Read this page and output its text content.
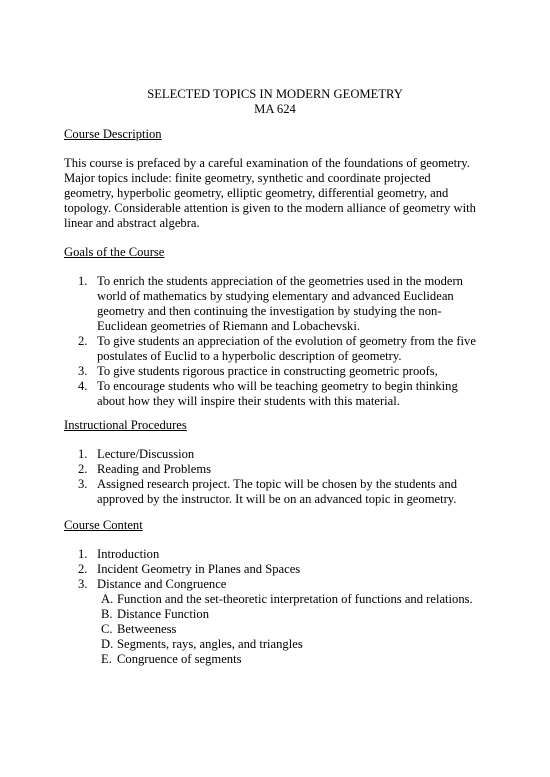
SELECTED TOPICS IN MODERN GEOMETRY
MA 624
Course Description
This course is prefaced by a careful examination of the foundations of geometry.
Major topics include: finite geometry, synthetic and coordinate projected
geometry, hyperbolic geometry, elliptic geometry, differential geometry, and
topology. Considerable attention is given to the modern alliance of geometry with
linear and abstract algebra.
Goals of the Course
1. To enrich the students appreciation of the geometries used in the modern
world of mathematics by studying elementary and advanced Euclidean
geometry and then continuing the investigation by studying the non-
Euclidean geometries of Riemann and Lobachevski.
2. To give students an appreciation of the evolution of geometry from the five
postulates of Euclid to a hyperbolic description of geometry.
3. To give students rigorous practice in constructing geometric proofs,
4. To encourage students who will be teaching geometry to begin thinking
about how they will inspire their students with this material.
Instructional Procedures
1. Lecture/Discussion
2. Reading and Problems
3. Assigned research project. The topic will be chosen by the students and
approved by the instructor. It will be on an advanced topic in geometry.
Course Content
1. Introduction
2. Incident Geometry in Planes and Spaces
3. Distance and Congruence
A. Function and the set-theoretic interpretation of functions and relations.
B. Distance Function
C. Betweeness
D. Segments, rays, angles, and triangles
E. Congruence of segments
